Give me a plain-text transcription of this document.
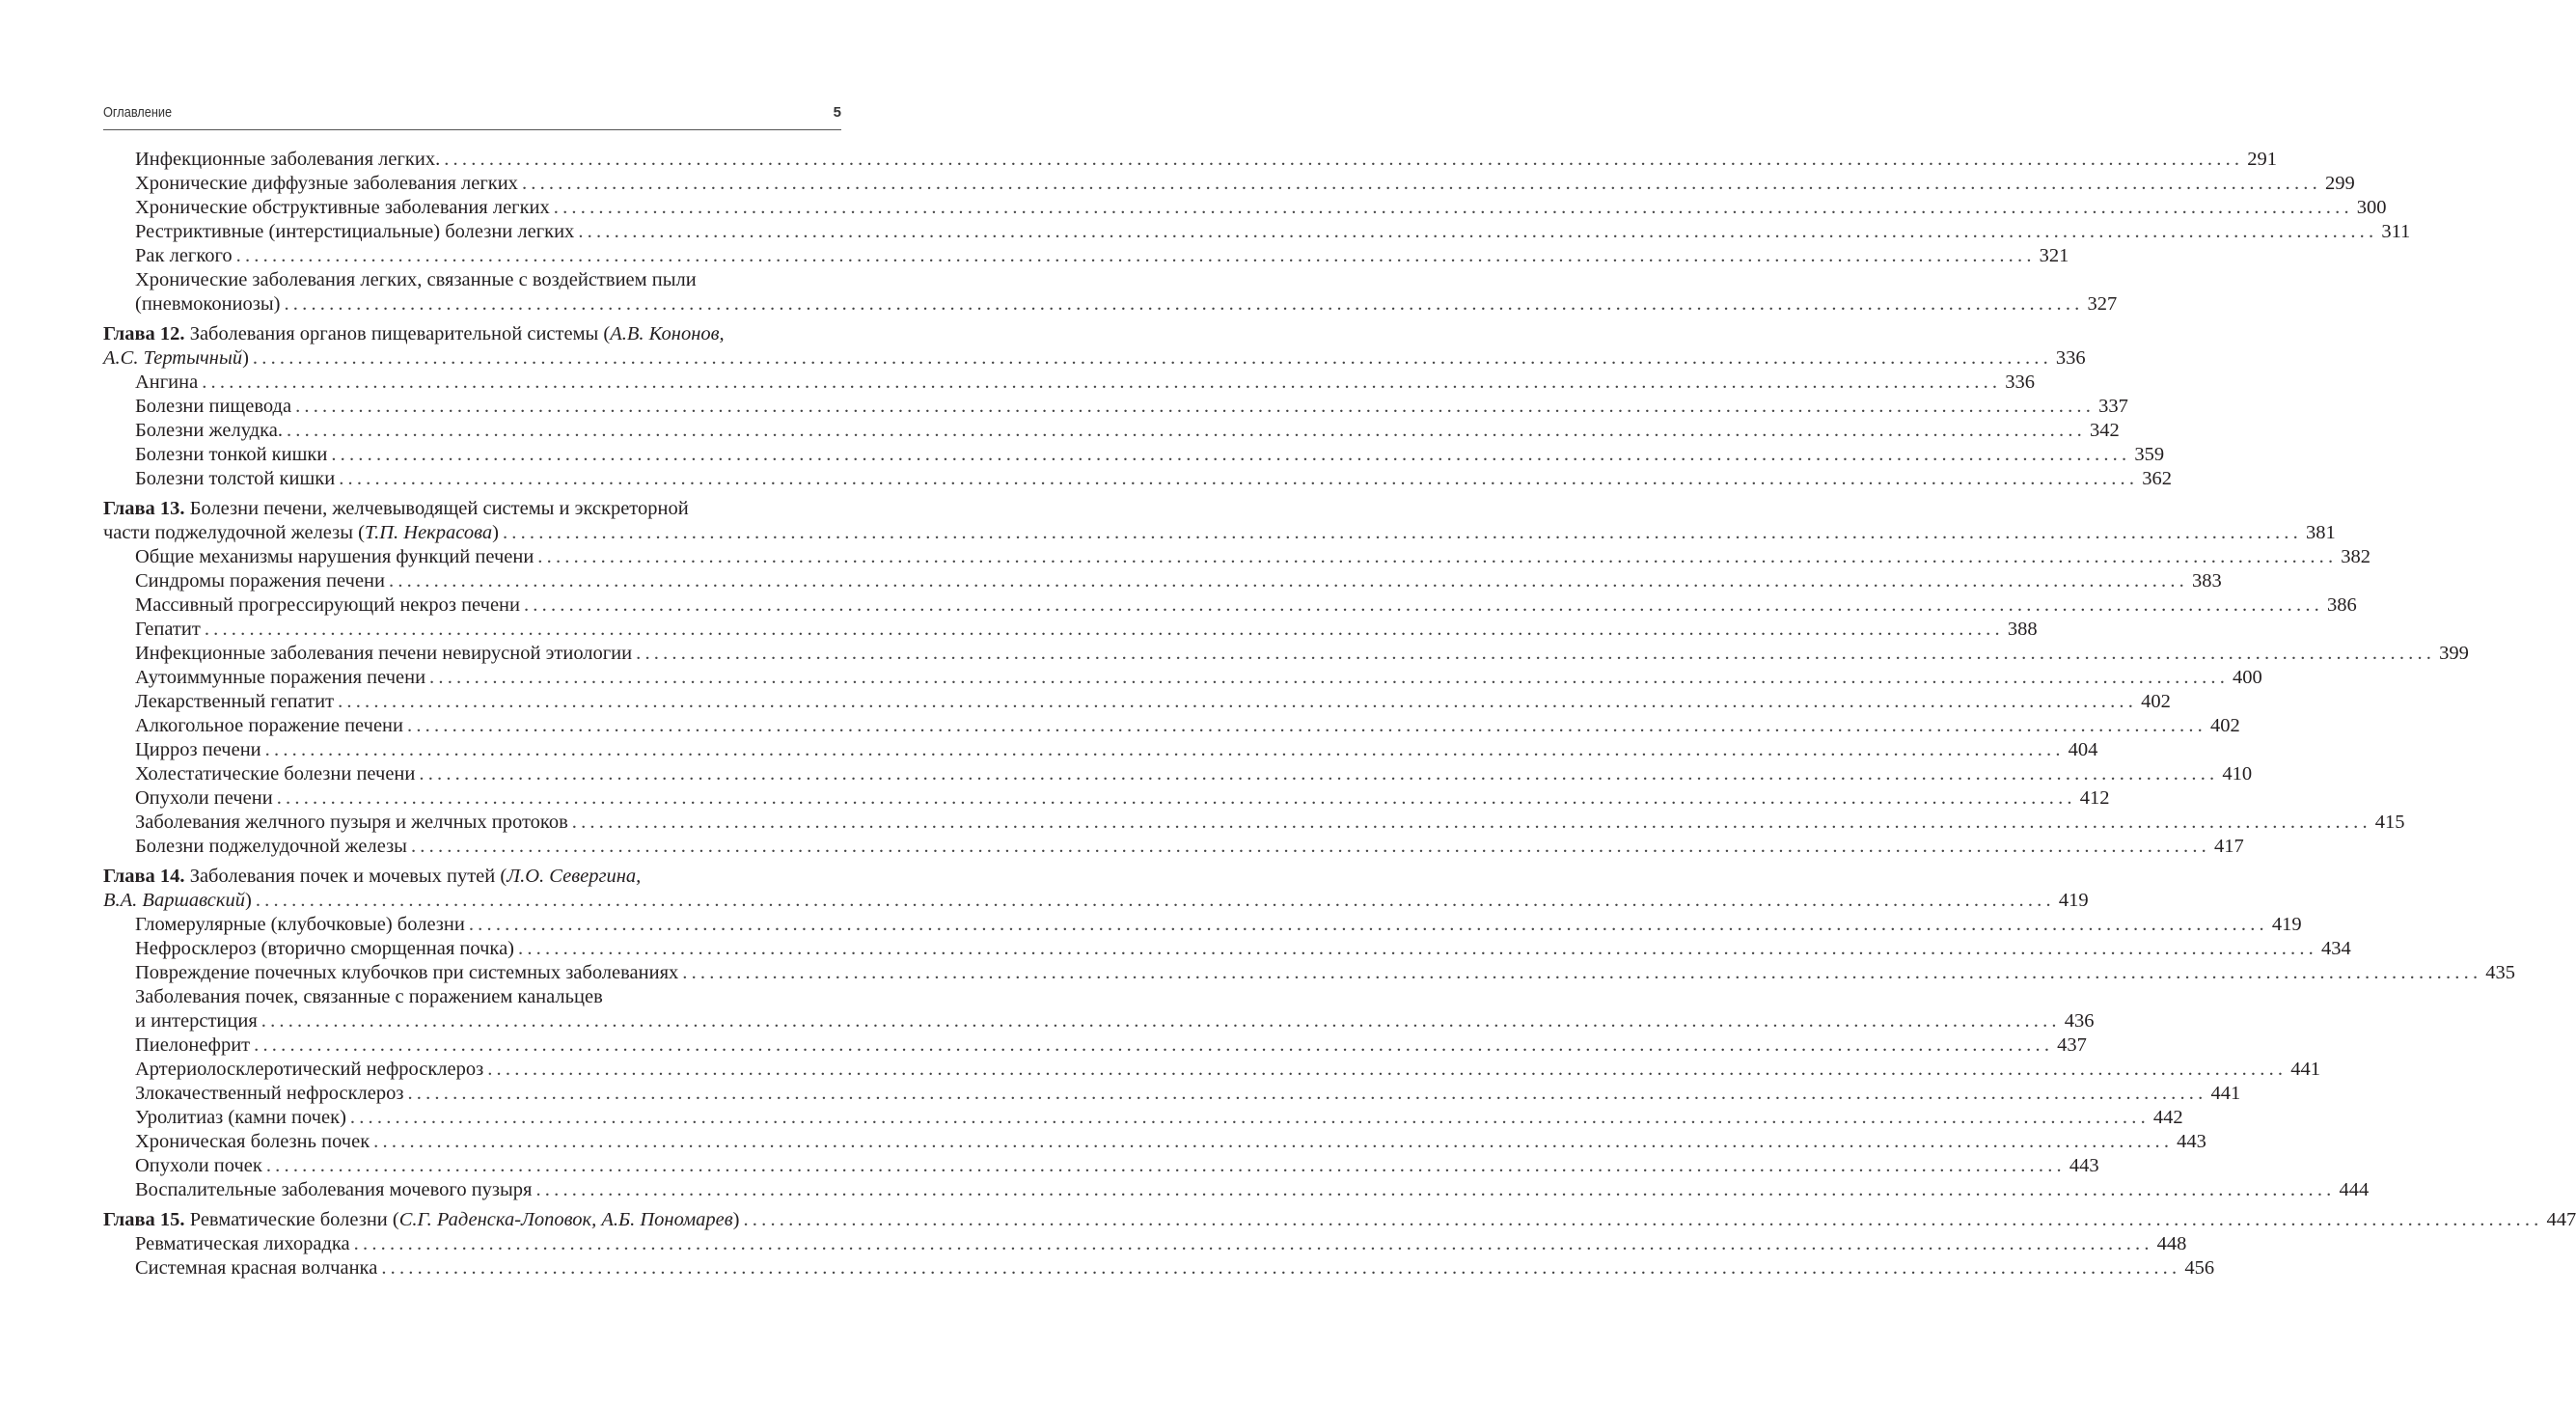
Оглавление	5
Инфекционные заболевания легких. ........................................................................................................................................................................................................ 291
Хронические диффузные заболевания легких ........................................................................................................................................................................................................ 299
Хронические обструктивные заболевания легких ........................................................................................................................................................................................................ 300
Рестриктивные (интерстициальные) болезни легких ........................................................................................................................................................................................................ 311
Рак легкого ........................................................................................................................................................................................................ 321
Хронические заболевания легких, связанные с воздействием пыли
(пневмокониозы) ........................................................................................................................................................................................................ 327
Глава 12. Заболевания органов пищеварительной системы (А.В. Кононов,
А.С. Тертычный) ........................................................................................................................................................................................................ 336
Ангина ........................................................................................................................................................................................................ 336
Болезни пищевода ........................................................................................................................................................................................................ 337
Болезни желудка. ........................................................................................................................................................................................................ 342
Болезни тонкой кишки ........................................................................................................................................................................................................ 359
Болезни толстой кишки ........................................................................................................................................................................................................ 362
Глава 13. Болезни печени, желчевыводящей системы и экскреторной
части поджелудочной железы (Т.П. Некрасова) ........................................................................................................................................................................................................ 381
Общие механизмы нарушения функций печени ........................................................................................................................................................................................................ 382
Синдромы поражения печени ........................................................................................................................................................................................................ 383
Массивный прогрессирующий некроз печени ........................................................................................................................................................................................................ 386
Гепатит ........................................................................................................................................................................................................ 388
Инфекционные заболевания печени невирусной этиологии ........................................................................................................................................................................................................ 399
Аутоиммунные поражения печени ........................................................................................................................................................................................................ 400
Лекарственный гепатит ........................................................................................................................................................................................................ 402
Алкогольное поражение печени ........................................................................................................................................................................................................ 402
Цирроз печени ........................................................................................................................................................................................................ 404
Холестатические болезни печени ........................................................................................................................................................................................................ 410
Опухоли печени ........................................................................................................................................................................................................ 412
Заболевания желчного пузыря и желчных протоков ........................................................................................................................................................................................................ 415
Болезни поджелудочной железы ........................................................................................................................................................................................................ 417
Глава 14. Заболевания почек и мочевых путей (Л.О. Севергина,
В.А. Варшавский) ........................................................................................................................................................................................................ 419
Гломерулярные (клубочковые) болезни ........................................................................................................................................................................................................ 419
Нефросклероз (вторично сморщенная почка) ........................................................................................................................................................................................................ 434
Повреждение почечных клубочков при системных заболеваниях ........................................................................................................................................................................................................ 435
Заболевания почек, связанные с поражением канальцев
и интерстиция ........................................................................................................................................................................................................ 436
Пиелонефрит ........................................................................................................................................................................................................ 437
Артериолосклеротический нефросклероз ........................................................................................................................................................................................................ 441
Злокачественный нефросклероз ........................................................................................................................................................................................................ 441
Уролитиаз (камни почек) ........................................................................................................................................................................................................ 442
Хроническая болезнь почек ........................................................................................................................................................................................................ 443
Опухоли почек ........................................................................................................................................................................................................ 443
Воспалительные заболевания мочевого пузыря ........................................................................................................................................................................................................ 444
Глава 15. Ревматические болезни (С.Г. Раденска-Лоповок, А.Б. Пономарев) ........................................................................................................................................................................................................ 447
Ревматическая лихорадка ........................................................................................................................................................................................................ 448
Системная красная волчанка ........................................................................................................................................................................................................ 456
